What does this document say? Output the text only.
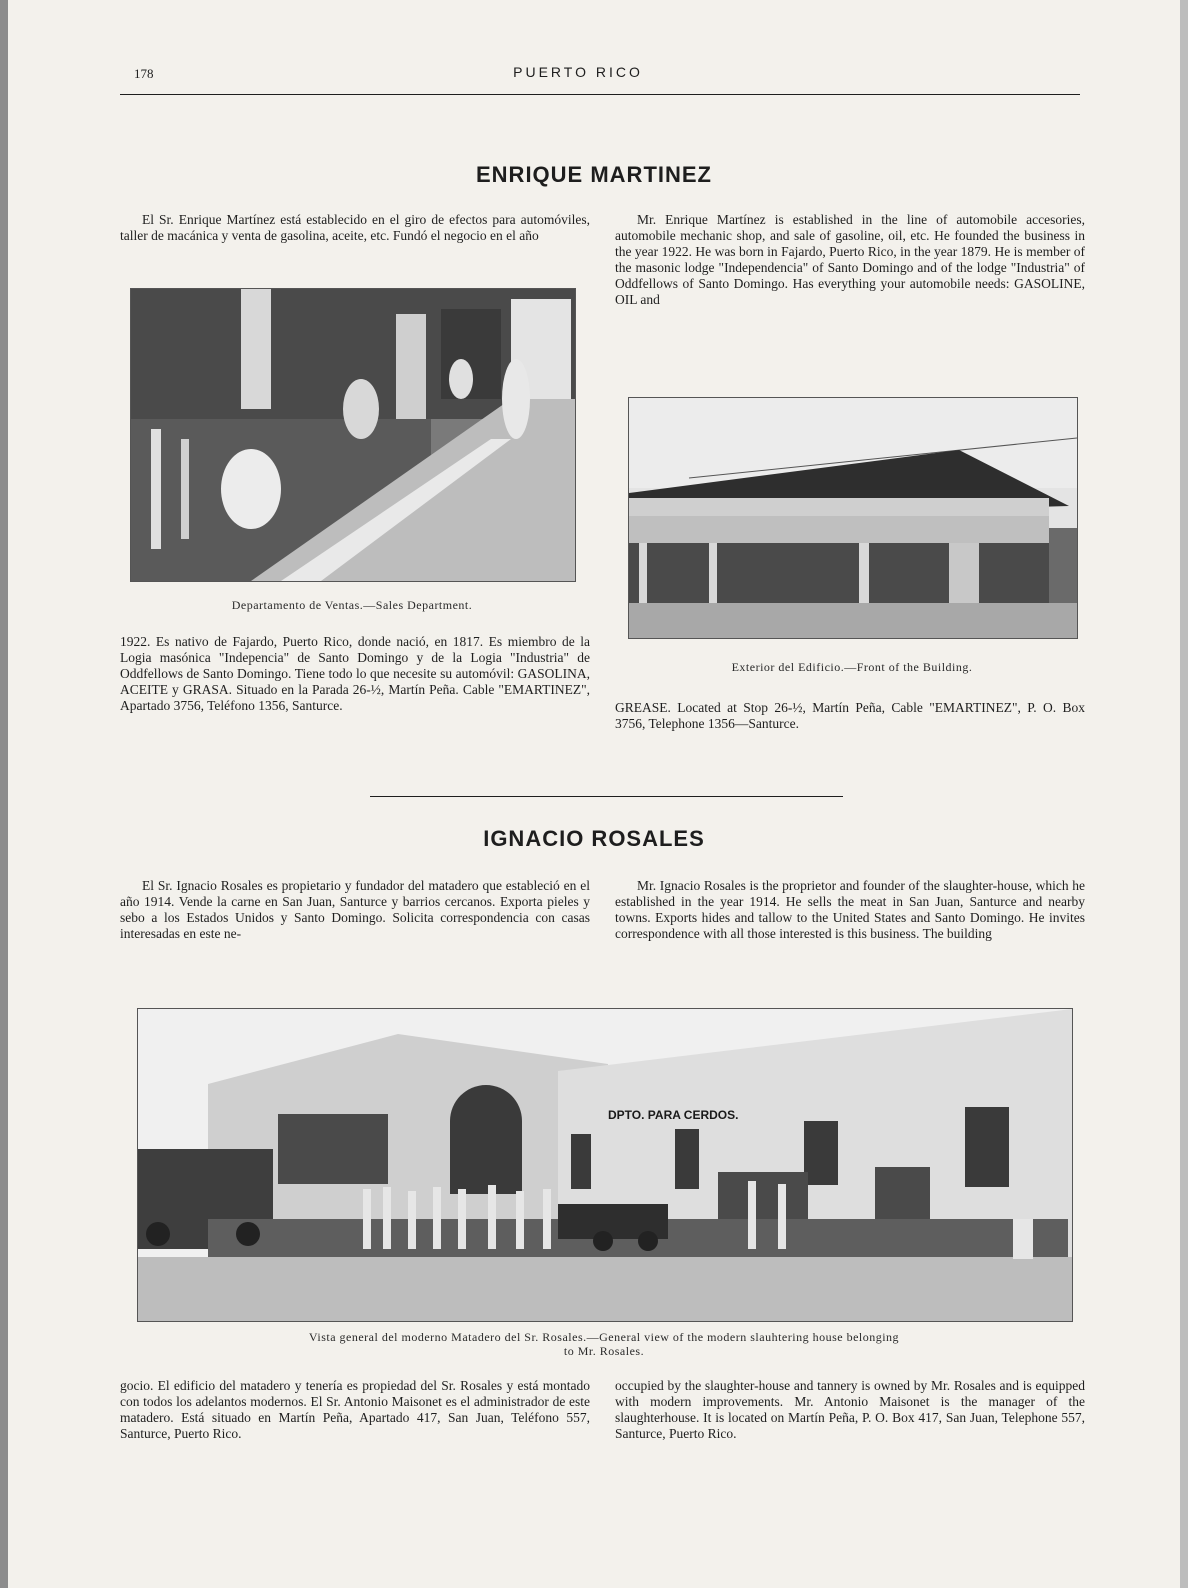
178	PUERTO RICO
ENRIQUE MARTINEZ
El Sr. Enrique Martínez está establecido en el giro de efectos para automóviles, taller de macánica y venta de gasolina, aceite, etc. Fundó el negocio en el año
Departamento de Ventas.—Sales Department.
1922. Es nativo de Fajardo, Puerto Rico, donde nació, en 1817. Es miembro de la Logia masónica "Indepencia" de Santo Domingo y de la Logia "Industria" de Oddfellows de Santo Domingo. Tiene todo lo que necesite su automóvil: GASOLINA, ACEITE y GRASA. Situado en la Parada 26-½, Martín Peña. Cable "EMARTINEZ", Apartado 3756, Teléfono 1356, Santurce.
Mr. Enrique Martínez is established in the line of automobile accesories, automobile mechanic shop, and sale of gasoline, oil, etc. He founded the business in the year 1922. He was born in Fajardo, Puerto Rico, in the year 1879. He is member of the masonic lodge "Independencia" of Santo Domingo and of the lodge "Industria" of Oddfellows of Santo Domingo. Has everything your automobile needs: GASOLINE, OIL and
Exterior del Edificio.—Front of the Building.
GREASE. Located at Stop 26-½, Martín Peña, Cable "EMARTINEZ", P. O. Box 3756, Telephone 1356—Santurce.
IGNACIO ROSALES
El Sr. Ignacio Rosales es propietario y fundador del matadero que estableció en el año 1914. Vende la carne en San Juan, Santurce y barrios cercanos. Exporta pieles y sebo a los Estados Unidos y Santo Domingo. Solicita correspondencia con casas interesadas en este ne-
Mr. Ignacio Rosales is the proprietor and founder of the slaughter-house, which he established in the year 1914. He sells the meat in San Juan, Santurce and nearby towns. Exports hides and tallow to the United States and Santo Domingo. He invites correspondence with all those interested is this business. The building
DPTO. PARA CERDOS.
Vista general del moderno Matadero del Sr. Rosales.—General view of the modern slauhtering house belonging
to Mr. Rosales.
gocio. El edificio del matadero y tenería es propiedad del Sr. Rosales y está montado con todos los adelantos modernos. El Sr. Antonio Maisonet es el administrador de este matadero. Está situado en Martín Peña, Apartado 417, San Juan, Teléfono 557, Santurce, Puerto Rico.
occupied by the slaughter-house and tannery is owned by Mr. Rosales and is equipped with modern improvements. Mr. Antonio Maisonet is the manager of the slaughterhouse. It is located on Martín Peña, P. O. Box 417, San Juan, Telephone 557, Santurce, Puerto Rico.
